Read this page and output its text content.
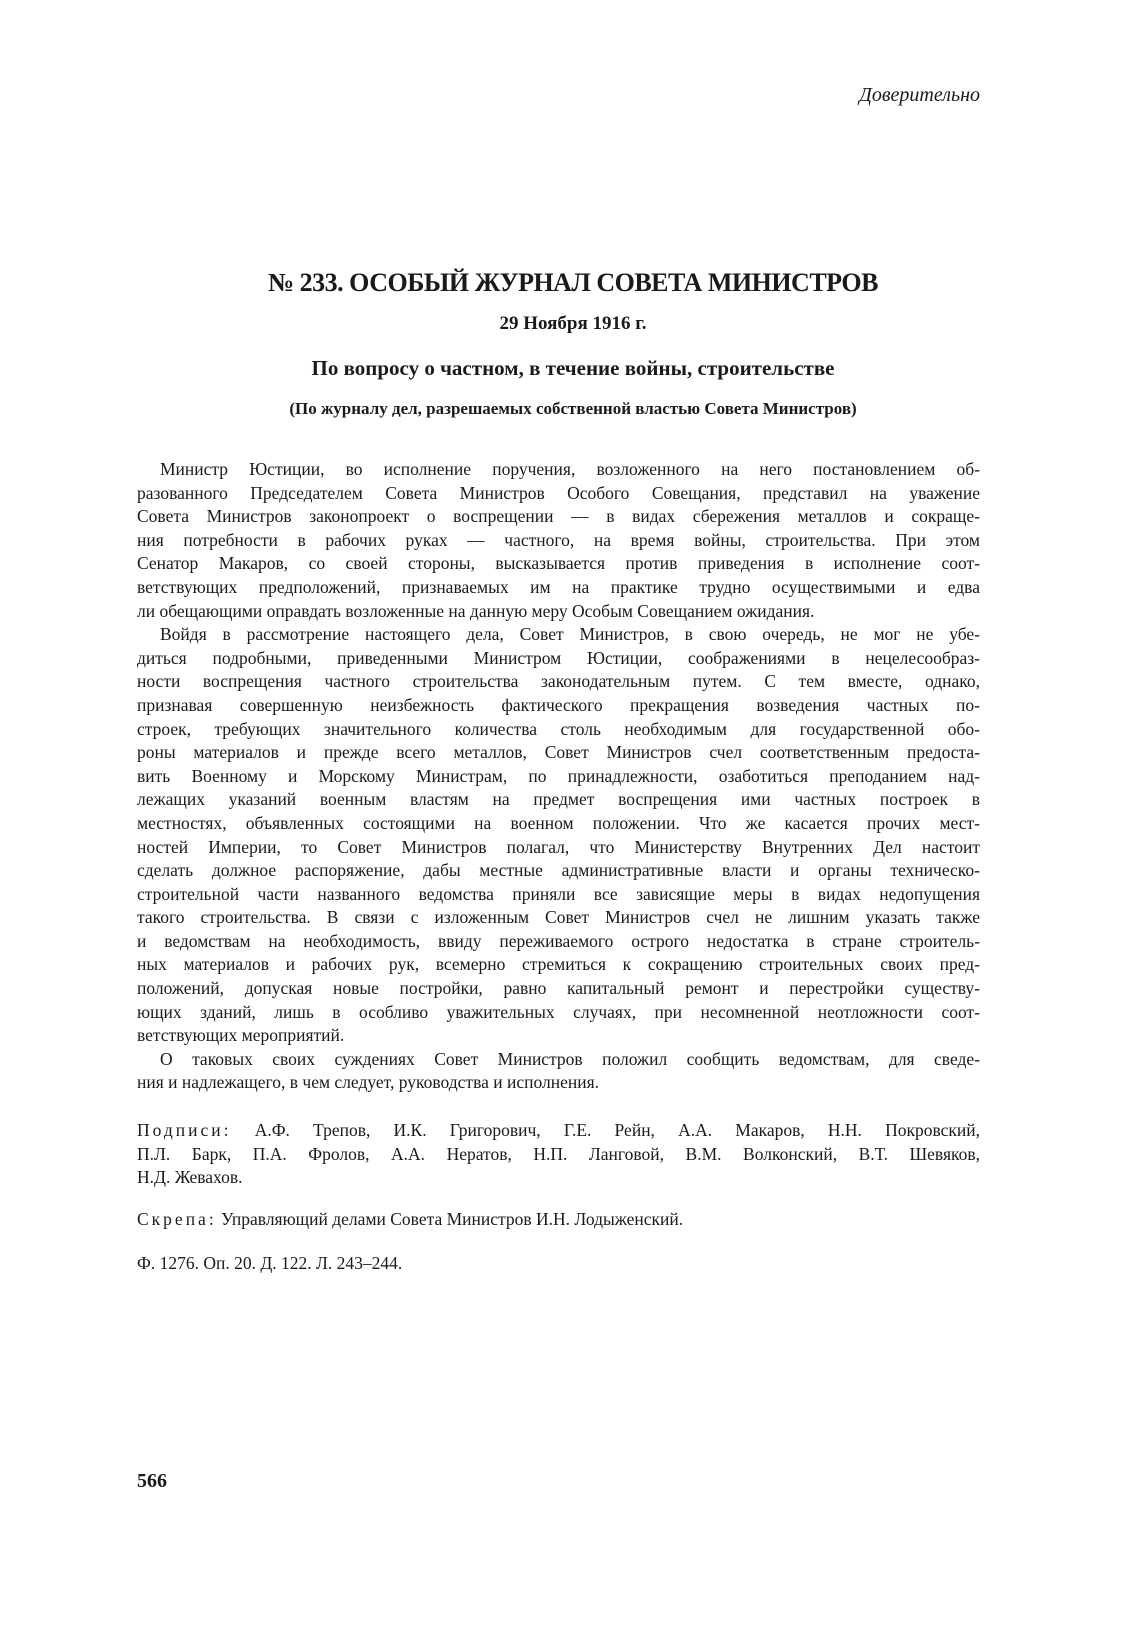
Доверительно
№ 233. ОСОБЫЙ ЖУРНАЛ СОВЕТА МИНИСТРОВ
29 Ноября 1916 г.
По вопросу о частном, в течение войны, строительстве
(По журналу дел, разрешаемых собственной властью Совета Министров)
Министр Юстиции, во исполнение поручения, возложенного на него постановлением об-
разованного Председателем Совета Министров Особого Совещания, представил на уважение
Совета Министров законопроект о воспрещении — в видах сбережения металлов и сокраще-
ния потребности в рабочих руках — частного, на время войны, строительства. При этом
Сенатор Макаров, со своей стороны, высказывается против приведения в исполнение соот-
ветствующих предположений, признаваемых им на практике трудно осуществимыми и едва
ли обещающими оправдать возложенные на данную меру Особым Совещанием ожидания.
Войдя в рассмотрение настоящего дела, Совет Министров, в свою очередь, не мог не убе-
диться подробными, приведенными Министром Юстиции, соображениями в нецелесообраз-
ности воспрещения частного строительства законодательным путем. С тем вместе, однако,
признавая совершенную неизбежность фактического прекращения возведения частных по-
строек, требующих значительного количества столь необходимым для государственной обо-
роны материалов и прежде всего металлов, Совет Министров счел соответственным предоста-
вить Военному и Морскому Министрам, по принадлежности, озаботиться преподанием над-
лежащих указаний военным властям на предмет воспрещения ими частных построек в
местностях, объявленных состоящими на военном положении. Что же касается прочих мест-
ностей Империи, то Совет Министров полагал, что Министерству Внутренних Дел настоит
сделать должное распоряжение, дабы местные административные власти и органы техническо-
строительной части названного ведомства приняли все зависящие меры в видах недопущения
такого строительства. В связи с изложенным Совет Министров счел не лишним указать также
и ведомствам на необходимость, ввиду переживаемого острого недостатка в стране строитель-
ных материалов и рабочих рук, всемерно стремиться к сокращению строительных своих пред-
положений, допуская новые постройки, равно капитальный ремонт и перестройки существу-
ющих зданий, лишь в особливо уважительных случаях, при несомненной неотложности соот-
ветствующих мероприятий.
О таковых своих суждениях Совет Министров положил сообщить ведомствам, для сведе-
ния и надлежащего, в чем следует, руководства и исполнения.
Подписи: А.Ф. Трепов, И.К. Григорович, Г.Е. Рейн, А.А. Макаров, Н.Н. Покровский,
П.Л. Барк, П.А. Фролов, А.А. Нератов, Н.П. Ланговой, В.М. Волконский, В.Т. Шевяков,
Н.Д. Жевахов.
Скрепа: Управляющий делами Совета Министров И.Н. Лодыженский.
Ф. 1276. Оп. 20. Д. 122. Л. 243–244.
566
